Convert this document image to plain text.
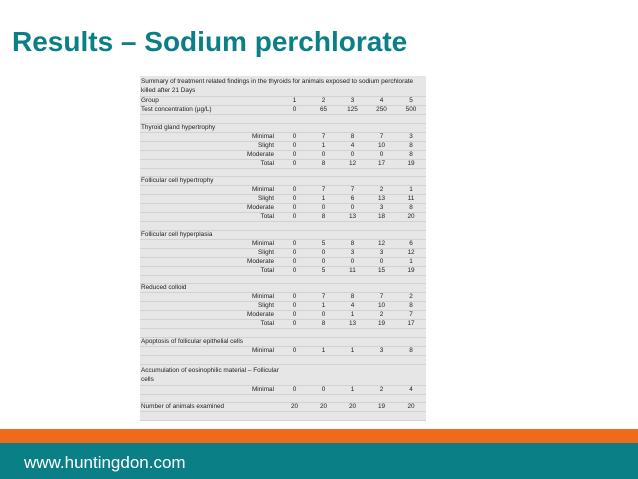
Results – Sodium perchlorate
Summary of treatment related findings in the thyroids for animals exposed to sodium perchlorate killed after 21 Days					
Group	1	2	3	4	5
Test concentration (µg/L)	0	65	125	250	500

Thyroid gland hypertrophy					

Minimal	0	7	8	7	3
Slight	0	1	4	10	8
Moderate	0	0	0	0	8
Total	0	8	12	17	19

Follicular cell hypertrophy					

Minimal	0	7	7	2	1
Slight	0	1	6	13	11
Moderate	0	0	0	3	8
Total	0	8	13	18	20

Follicular cell hyperplasia					

Minimal	0	5	8	12	6
Slight	0	0	3	3	12
Moderate	0	0	0	0	1
Total	0	5	11	15	19

Reduced colloid					

Minimal	0	7	8	7	2
Slight	0	1	4	10	8
Moderate	0	0	1	2	7
Total	0	8	13	19	17

Apoptosis of follicular epithelial cells					

Minimal	0	1	1	3	8

Accumulation of eosinophilic material – Follicular cells					

Minimal	0	0	1	2	4

Number of animals examined	20	20	20	19	20

www.huntingdon.com
